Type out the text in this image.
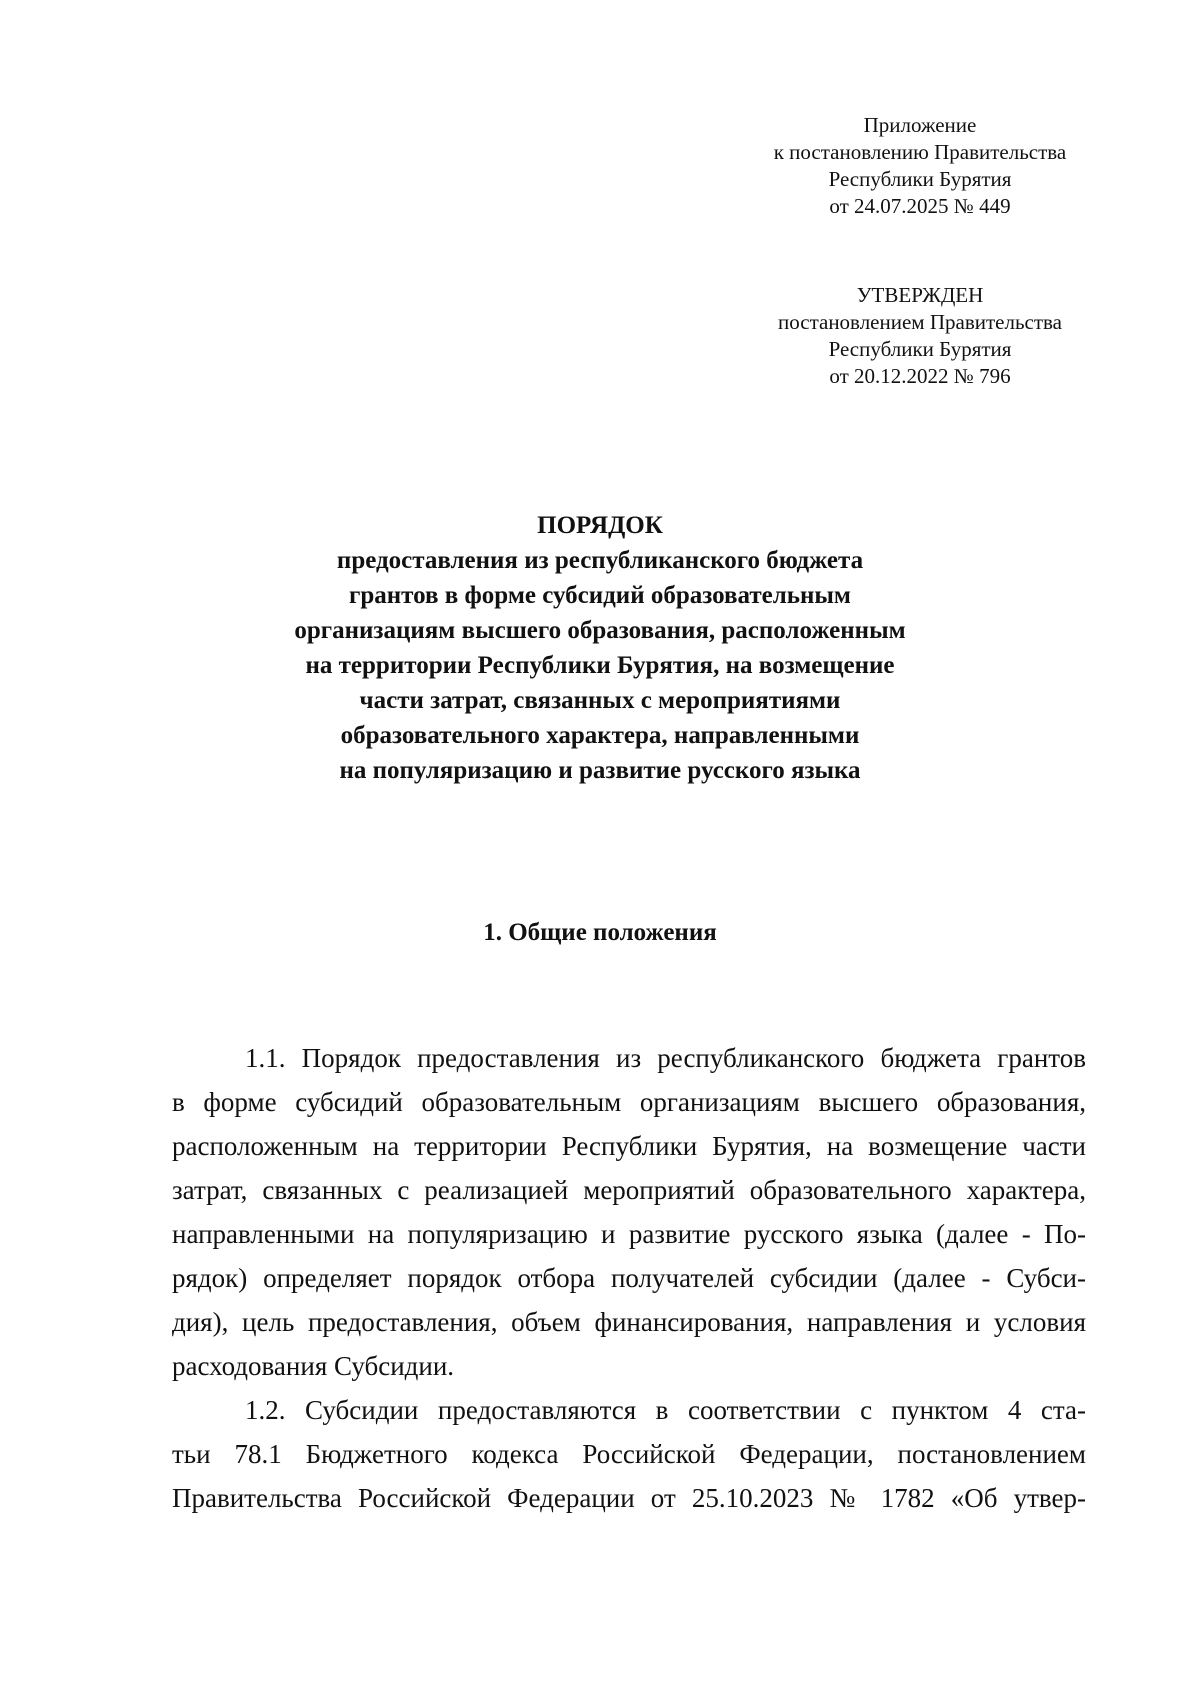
Приложение
к постановлению Правительства
Республики Бурятия
от 24.07.2025 № 449
УТВЕРЖДЕН
постановлением Правительства
Республики Бурятия
от 20.12.2022 № 796
ПОРЯДОК
предоставления из республиканского бюджета
грантов в форме субсидий образовательным
организациям высшего образования, расположенным
на территории Республики Бурятия, на возмещение
части затрат, связанных с мероприятиями
образовательного характера, направленными
на популяризацию и развитие русского языка
1. Общие положения
1.1. Порядок предоставления из республиканского бюджета грантов
в форме субсидий образовательным организациям высшего образования,
расположенным на территории Республики Бурятия, на возмещение части
затрат, связанных с реализацией мероприятий образовательного характера,
направленными на популяризацию и развитие русского языка (далее - По-
рядок) определяет порядок отбора получателей субсидии (далее - Субси-
дия), цель предоставления, объем финансирования, направления и условия
расходования Субсидии.
1.2. Субсидии предоставляются в соответствии с пунктом 4 ста-
тьи 78.1 Бюджетного кодекса Российской Федерации, постановлением
Правительства Российской Федерации от 25.10.2023 № 1782 «Об утвер-
